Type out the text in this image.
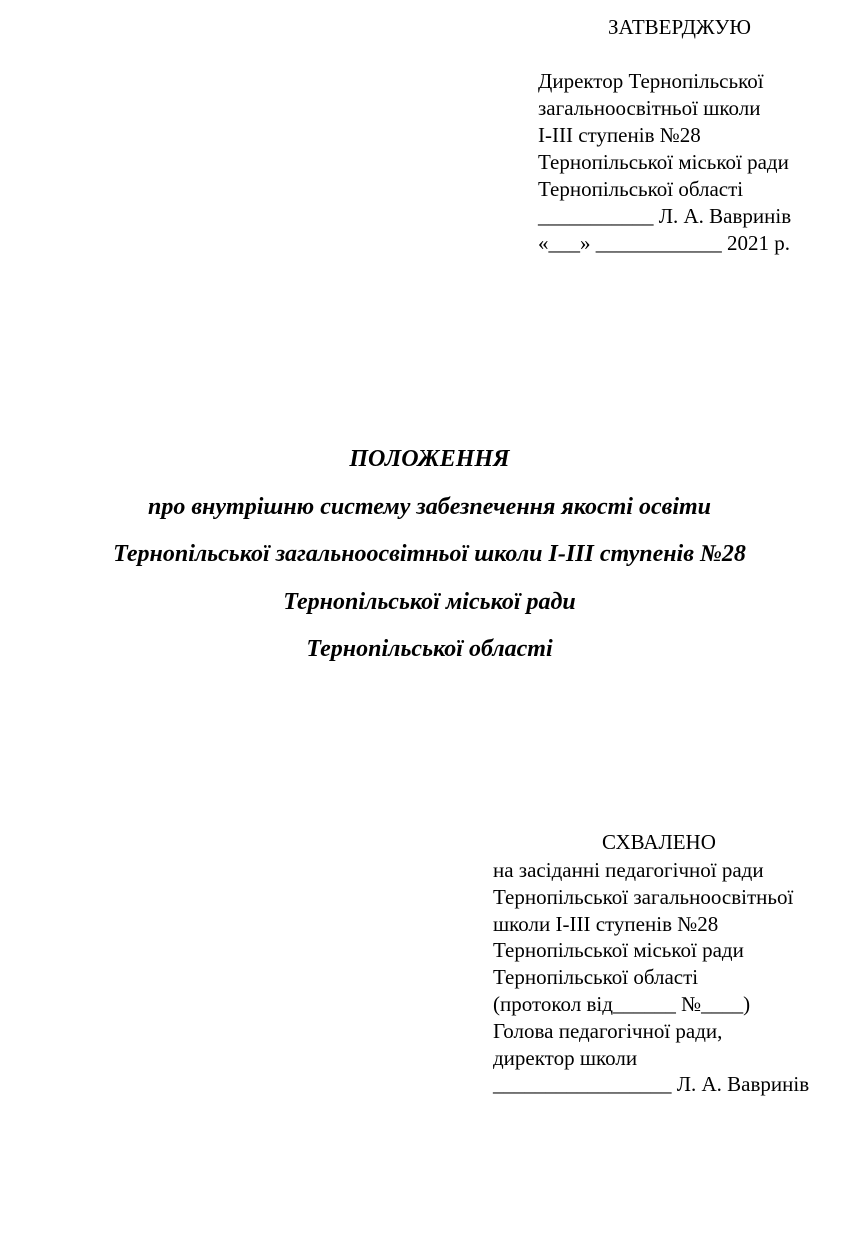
ЗАТВЕРДЖУЮ
Директор Тернопільської
загальноосвітньої школи
І-ІІІ ступенів №28
Тернопільської міської ради
Тернопільської області
___________ Л. А. Вавринів
«___» ____________ 2021 р.
ПОЛОЖЕННЯ
про внутрішню систему забезпечення якості освіти
Тернопільської загальноосвітньої школи І-ІІІ ступенів №28
Тернопільської міської ради
Тернопільської області
СХВАЛЕНО
на засіданні педагогічної ради
Тернопільської загальноосвітньої
школи І-ІІІ ступенів №28
Тернопільської міської ради
Тернопільської області
(протокол від______ №____)
Голова педагогічної ради,
директор школи
_________________ Л. А. Вавринів
